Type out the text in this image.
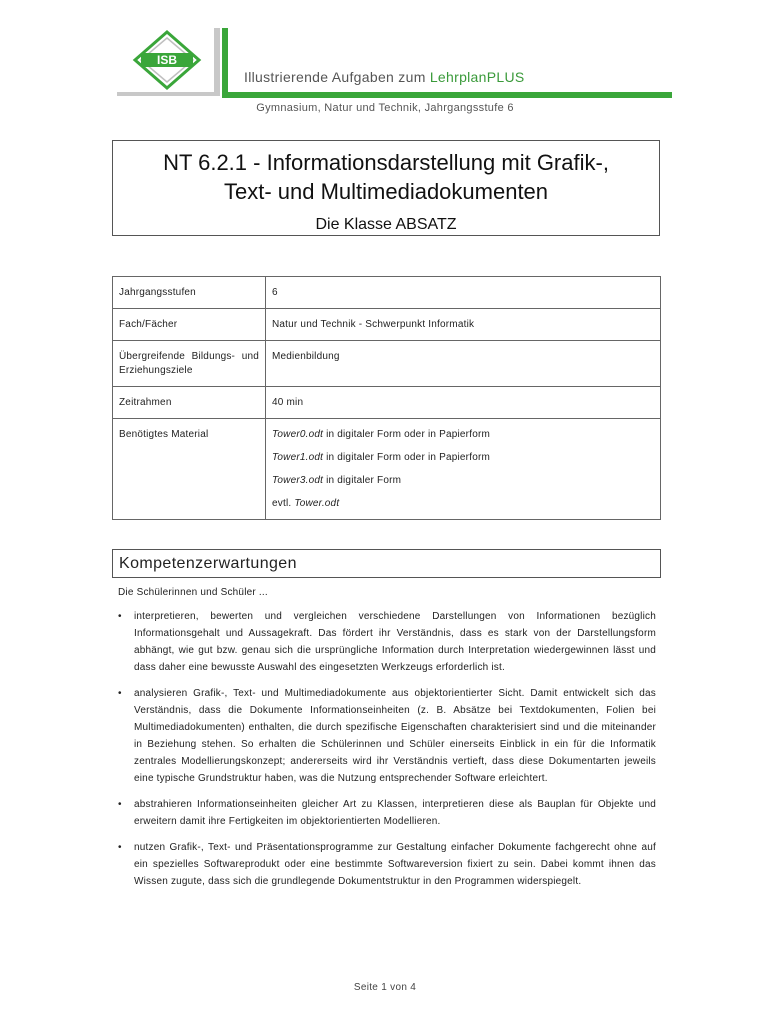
ISB
Illustrierende Aufgaben zum LehrplanPLUS
Gymnasium, Natur und Technik, Jahrgangsstufe 6
NT 6.2.1 - Informationsdarstellung mit Grafik-,
Text- und Multimediadokumenten
Die Klasse ABSATZ
Jahrgangsstufen	6
Fach/Fächer	Natur und Technik - Schwerpunkt Informatik
Übergreifende Bildungs- und Erziehungsziele	Medienbildung
Zeitrahmen	40 min
Benötigtes Material	Tower0.odt in digitaler Form oder in Papierform
Tower1.odt in digitaler Form oder in Papierform
Tower3.odt in digitaler Form
evtl. Tower.odt
Kompetenzerwartungen
Die Schülerinnen und Schüler ...
• interpretieren, bewerten und vergleichen verschiedene Darstellungen von Informationen bezüglich Informationsgehalt und Aussagekraft. Das fördert ihr Verständnis, dass es stark von der Darstellungsform abhängt, wie gut bzw. genau sich die ursprüngliche Information durch Interpretation wiedergewinnen lässt und dass daher eine bewusste Auswahl des eingesetzten Werkzeugs erforderlich ist.
• analysieren Grafik-, Text- und Multimediadokumente aus objektorientierter Sicht. Damit entwickelt sich das Verständnis, dass die Dokumente Informationseinheiten (z. B. Absätze bei Textdokumenten, Folien bei Multimediadokumenten) enthalten, die durch spezifische Eigenschaften charakterisiert sind und die miteinander in Beziehung stehen. So erhalten die Schülerinnen und Schüler einerseits Einblick in ein für die Informatik zentrales Modellierungskonzept; andererseits wird ihr Verständnis vertieft, dass diese Dokumentarten jeweils eine typische Grundstruktur haben, was die Nutzung entsprechender Software erleichtert.
• abstrahieren Informationseinheiten gleicher Art zu Klassen, interpretieren diese als Bauplan für Objekte und erweitern damit ihre Fertigkeiten im objektorientierten Modellieren.
• nutzen Grafik-, Text- und Präsentationsprogramme zur Gestaltung einfacher Dokumente fachgerecht ohne auf ein spezielles Softwareprodukt oder eine bestimmte Softwareversion fixiert zu sein. Dabei kommt ihnen das Wissen zugute, dass sich die grundlegende Dokumentstruktur in den Programmen widerspiegelt.
Seite 1 von 4
